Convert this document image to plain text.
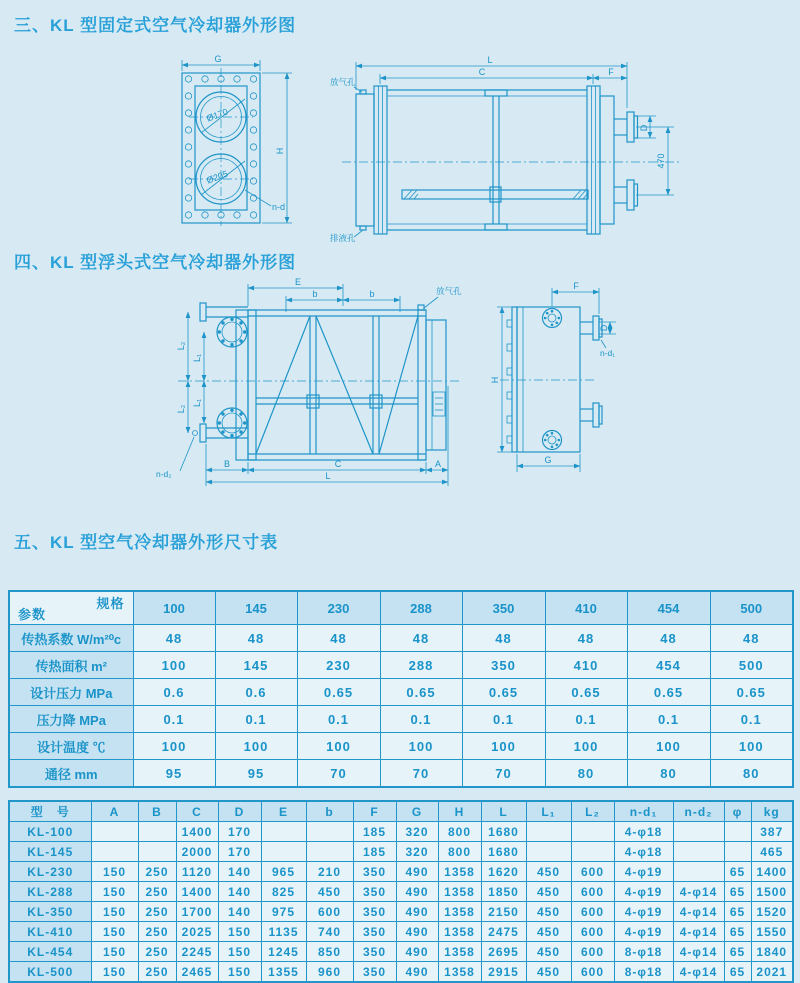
三、KL 型固定式空气冷却器外形图
四、KL 型浮头式空气冷却器外形图
五、KL 型空气冷却器外形尺寸表
Ø170
Ø205
n-d
G
H
L
C	F
D
470
放气孔
排液孔
E
b	b
L₂
L₂
L₁
L₁
B	C	A
L
放气孔
n-d₂
F
D
n-d₁
H
G
规格
参数	100	145	230	288	350	410	454	500
传热系数 W/m²⁰c	48	48	48	48	48	48	48	48
传热面积 m²	100	145	230	288	350	410	454	500
设计压力 MPa	0.6	0.6	0.65	0.65	0.65	0.65	0.65	0.65
压力降 MPa	0.1	0.1	0.1	0.1	0.1	0.1	0.1	0.1
设计温度 ℃	100	100	100	100	100	100	100	100
通径 mm	95	95	70	70	70	80	80	80
型　号	A	B	C	D	E	b	F	G	H	L	L₁	L₂	n-d₁	n-d₂	φ	kg
KL-100			1400	170			185	320	800	1680			4-φ18			387
KL-145			2000	170			185	320	800	1680			4-φ18			465
KL-230	150	250	1120	140	965	210	350	490	1358	1620	450	600	4-φ19		65	1400
KL-288	150	250	1400	140	825	450	350	490	1358	1850	450	600	4-φ19	4-φ14	65	1500
KL-350	150	250	1700	140	975	600	350	490	1358	2150	450	600	4-φ19	4-φ14	65	1520
KL-410	150	250	2025	150	1135	740	350	490	1358	2475	450	600	4-φ19	4-φ14	65	1550
KL-454	150	250	2245	150	1245	850	350	490	1358	2695	450	600	8-φ18	4-φ14	65	1840
KL-500	150	250	2465	150	1355	960	350	490	1358	2915	450	600	8-φ18	4-φ14	65	2021
